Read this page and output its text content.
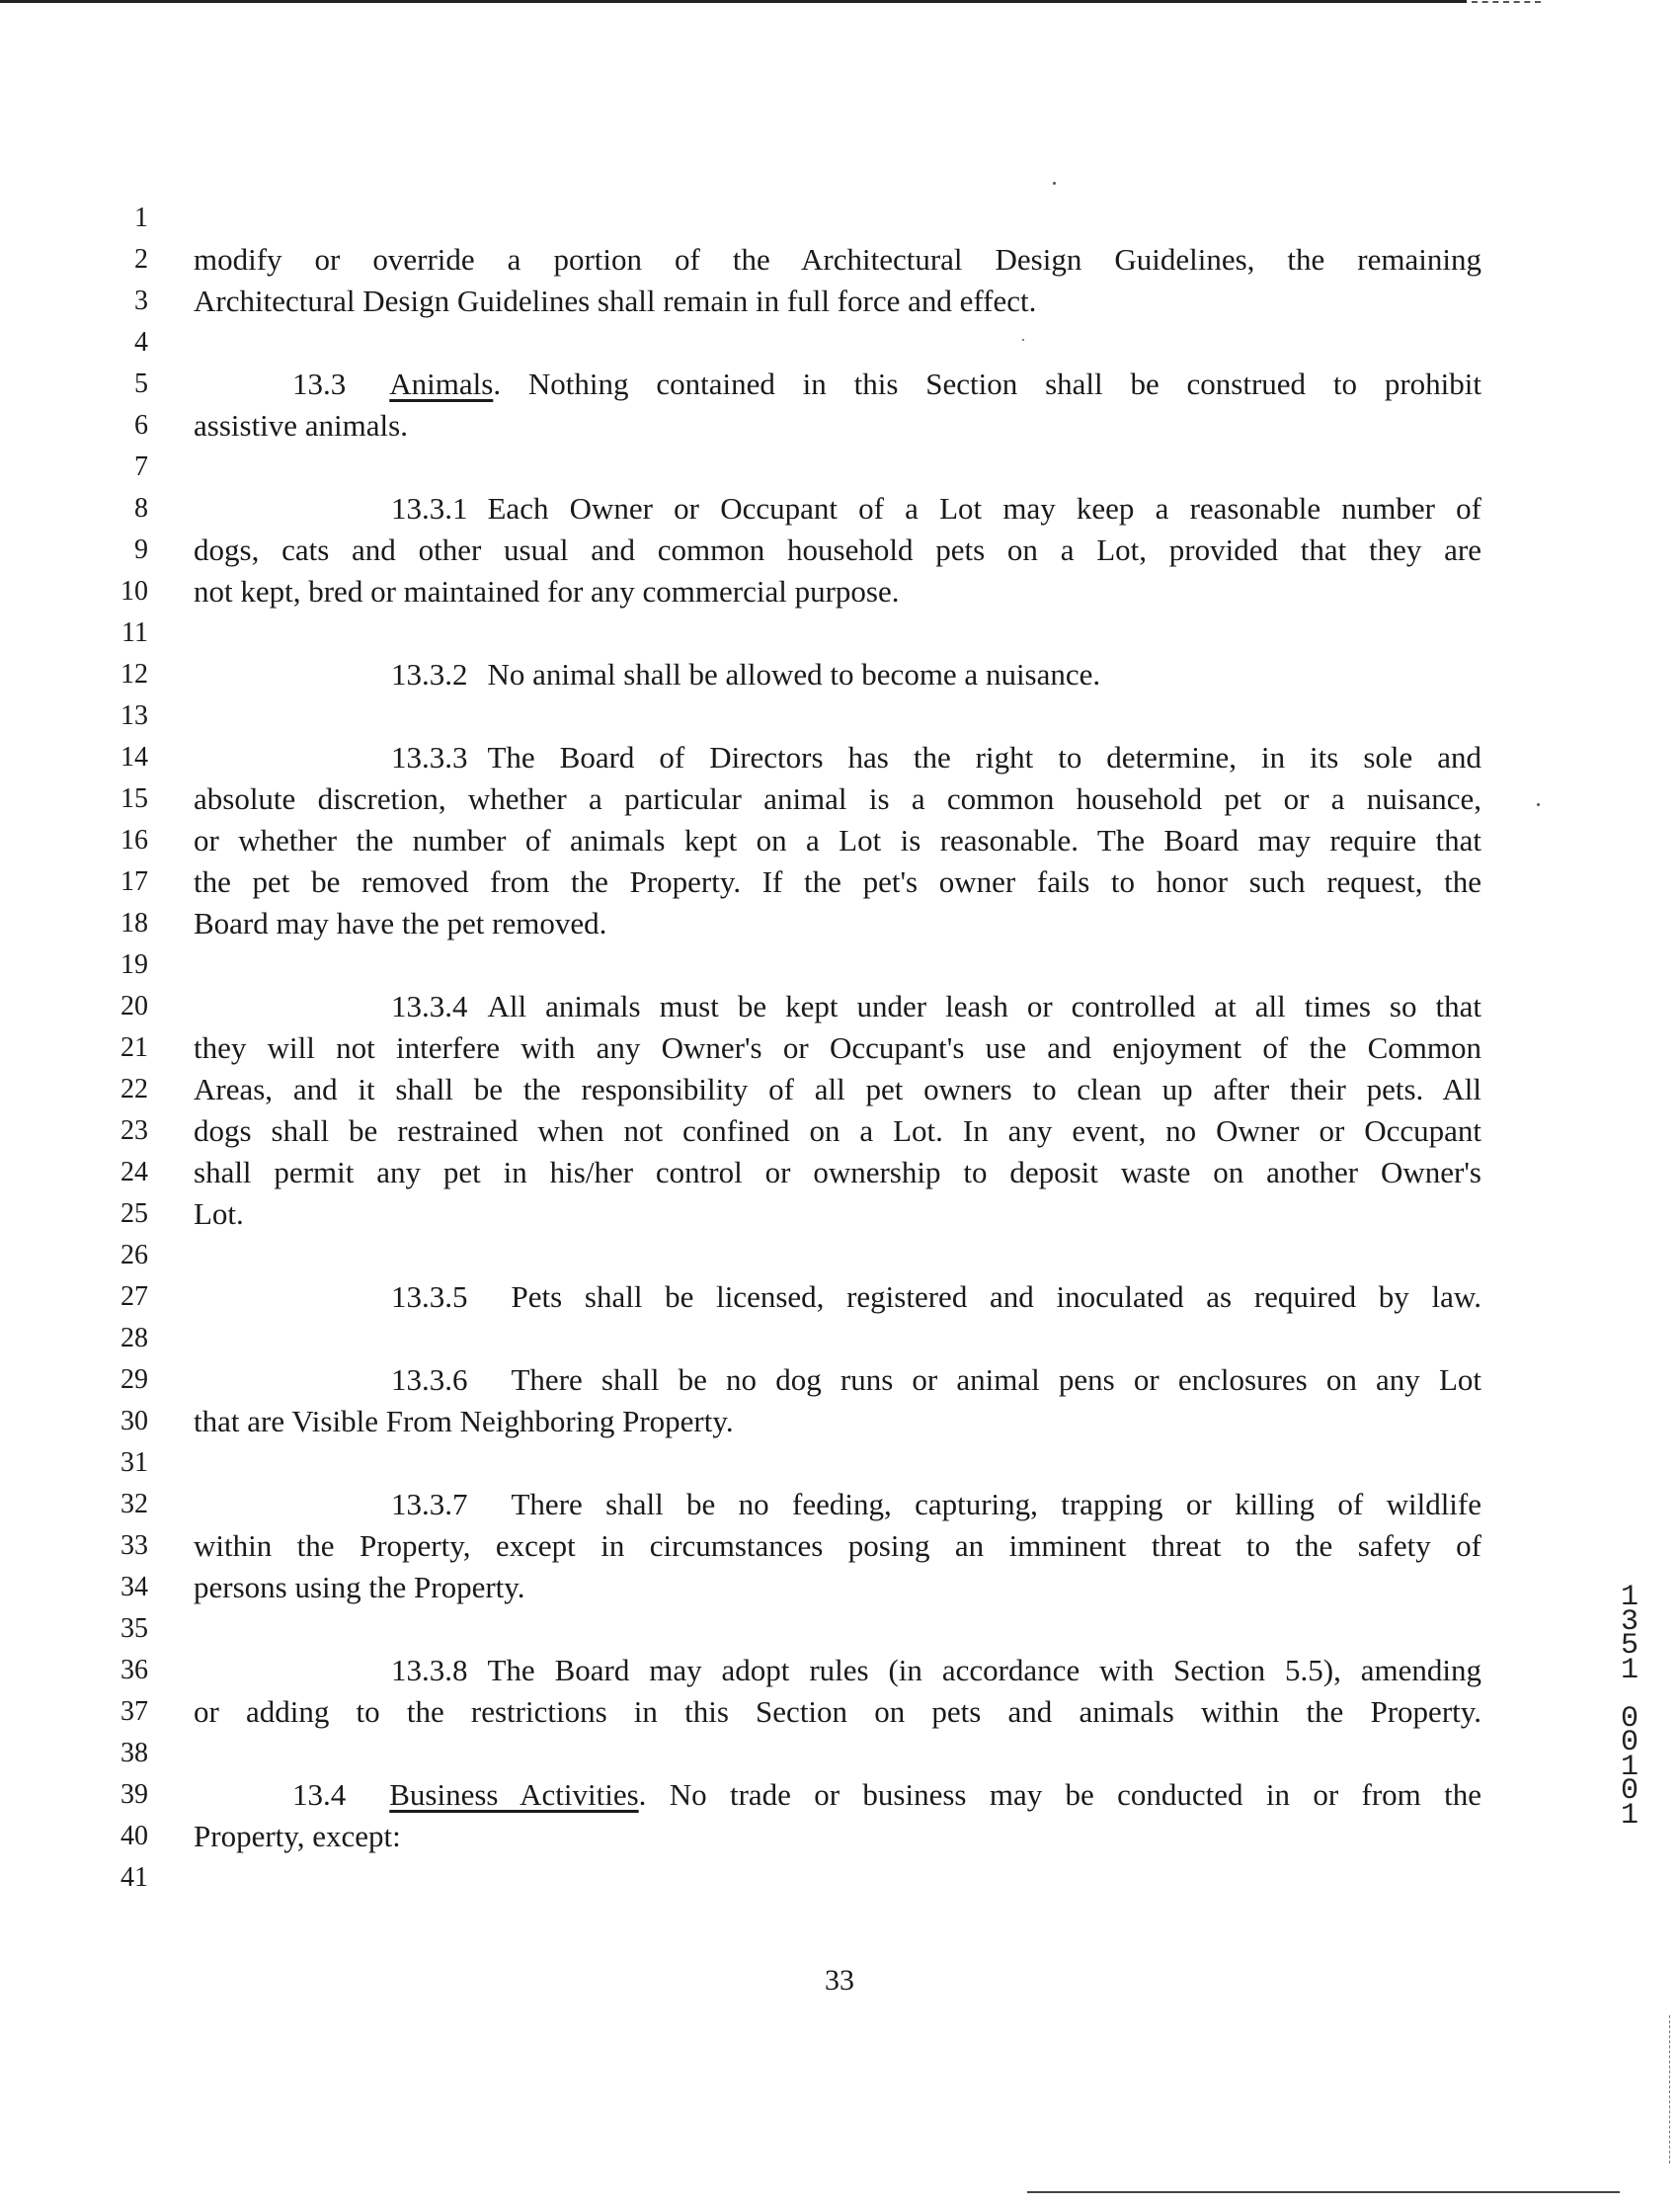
1
2
3
4
5
6
7
8
9
10
11
12
13
14
15
16
17
18
19
20
21
22
23
24
25
26
27
28
29
30
31
32
33
34
35
36
37
38
39
40
41
modify or override a portion of the Architectural Design Guidelines, the remaining
Architectural Design Guidelines shall remain in full force and effect.
13.3 Animals. Nothing contained in this Section shall be construed to prohibit
assistive animals.
13.3.1 Each Owner or Occupant of a Lot may keep a reasonable number of
dogs, cats and other usual and common household pets on a Lot, provided that they are
not kept, bred or maintained for any commercial purpose.
13.3.2 No animal shall be allowed to become a nuisance.
13.3.3 The Board of Directors has the right to determine, in its sole and
absolute discretion, whether a particular animal is a common household pet or a nuisance,
or whether the number of animals kept on a Lot is reasonable. The Board may require that
the pet be removed from the Property. If the pet's owner fails to honor such request, the
Board may have the pet removed.
13.3.4 All animals must be kept under leash or controlled at all times so that
they will not interfere with any Owner's or Occupant's use and enjoyment of the Common
Areas, and it shall be the responsibility of all pet owners to clean up after their pets. All
dogs shall be restrained when not confined on a Lot. In any event, no Owner or Occupant
shall permit any pet in his/her control or ownership to deposit waste on another Owner's
Lot.
13.3.5 Pets shall be licensed, registered and inoculated as required by law.
13.3.6 There shall be no dog runs or animal pens or enclosures on any Lot
that are Visible From Neighboring Property.
13.3.7 There shall be no feeding, capturing, trapping or killing of wildlife
within the Property, except in circumstances posing an imminent threat to the safety of
persons using the Property.
13.3.8 The Board may adopt rules (in accordance with Section 5.5), amending
or adding to the restrictions in this Section on pets and animals within the Property.
13.4 Business Activities. No trade or business may be conducted in or from the
Property, except:
33
1
3
5
1

0
0
1
0
1
